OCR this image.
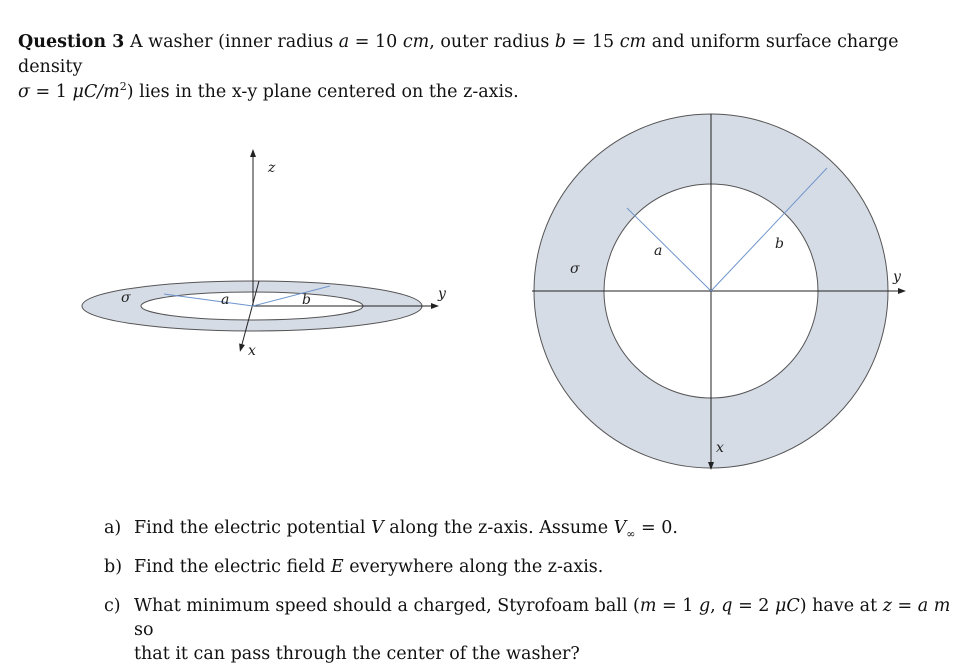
Question 3 A washer (inner radius a = 10 cm, outer radius b = 15 cm and uniform surface charge density
σ = 1 $\mu C/m^2$) lies in the x-y plane centered on the z-axis.

z
y
x
a	b
σ
a	b
σ	y
x
a) Find the electric potential V along the z-axis. Assume $V_\infty = 0$.
b) Find the electric field E everywhere along the z-axis.
c) What minimum speed should a charged, Styrofoam ball (m = 1 g, q = 2 μC) have at z = a m so
that it can pass through the center of the washer?
